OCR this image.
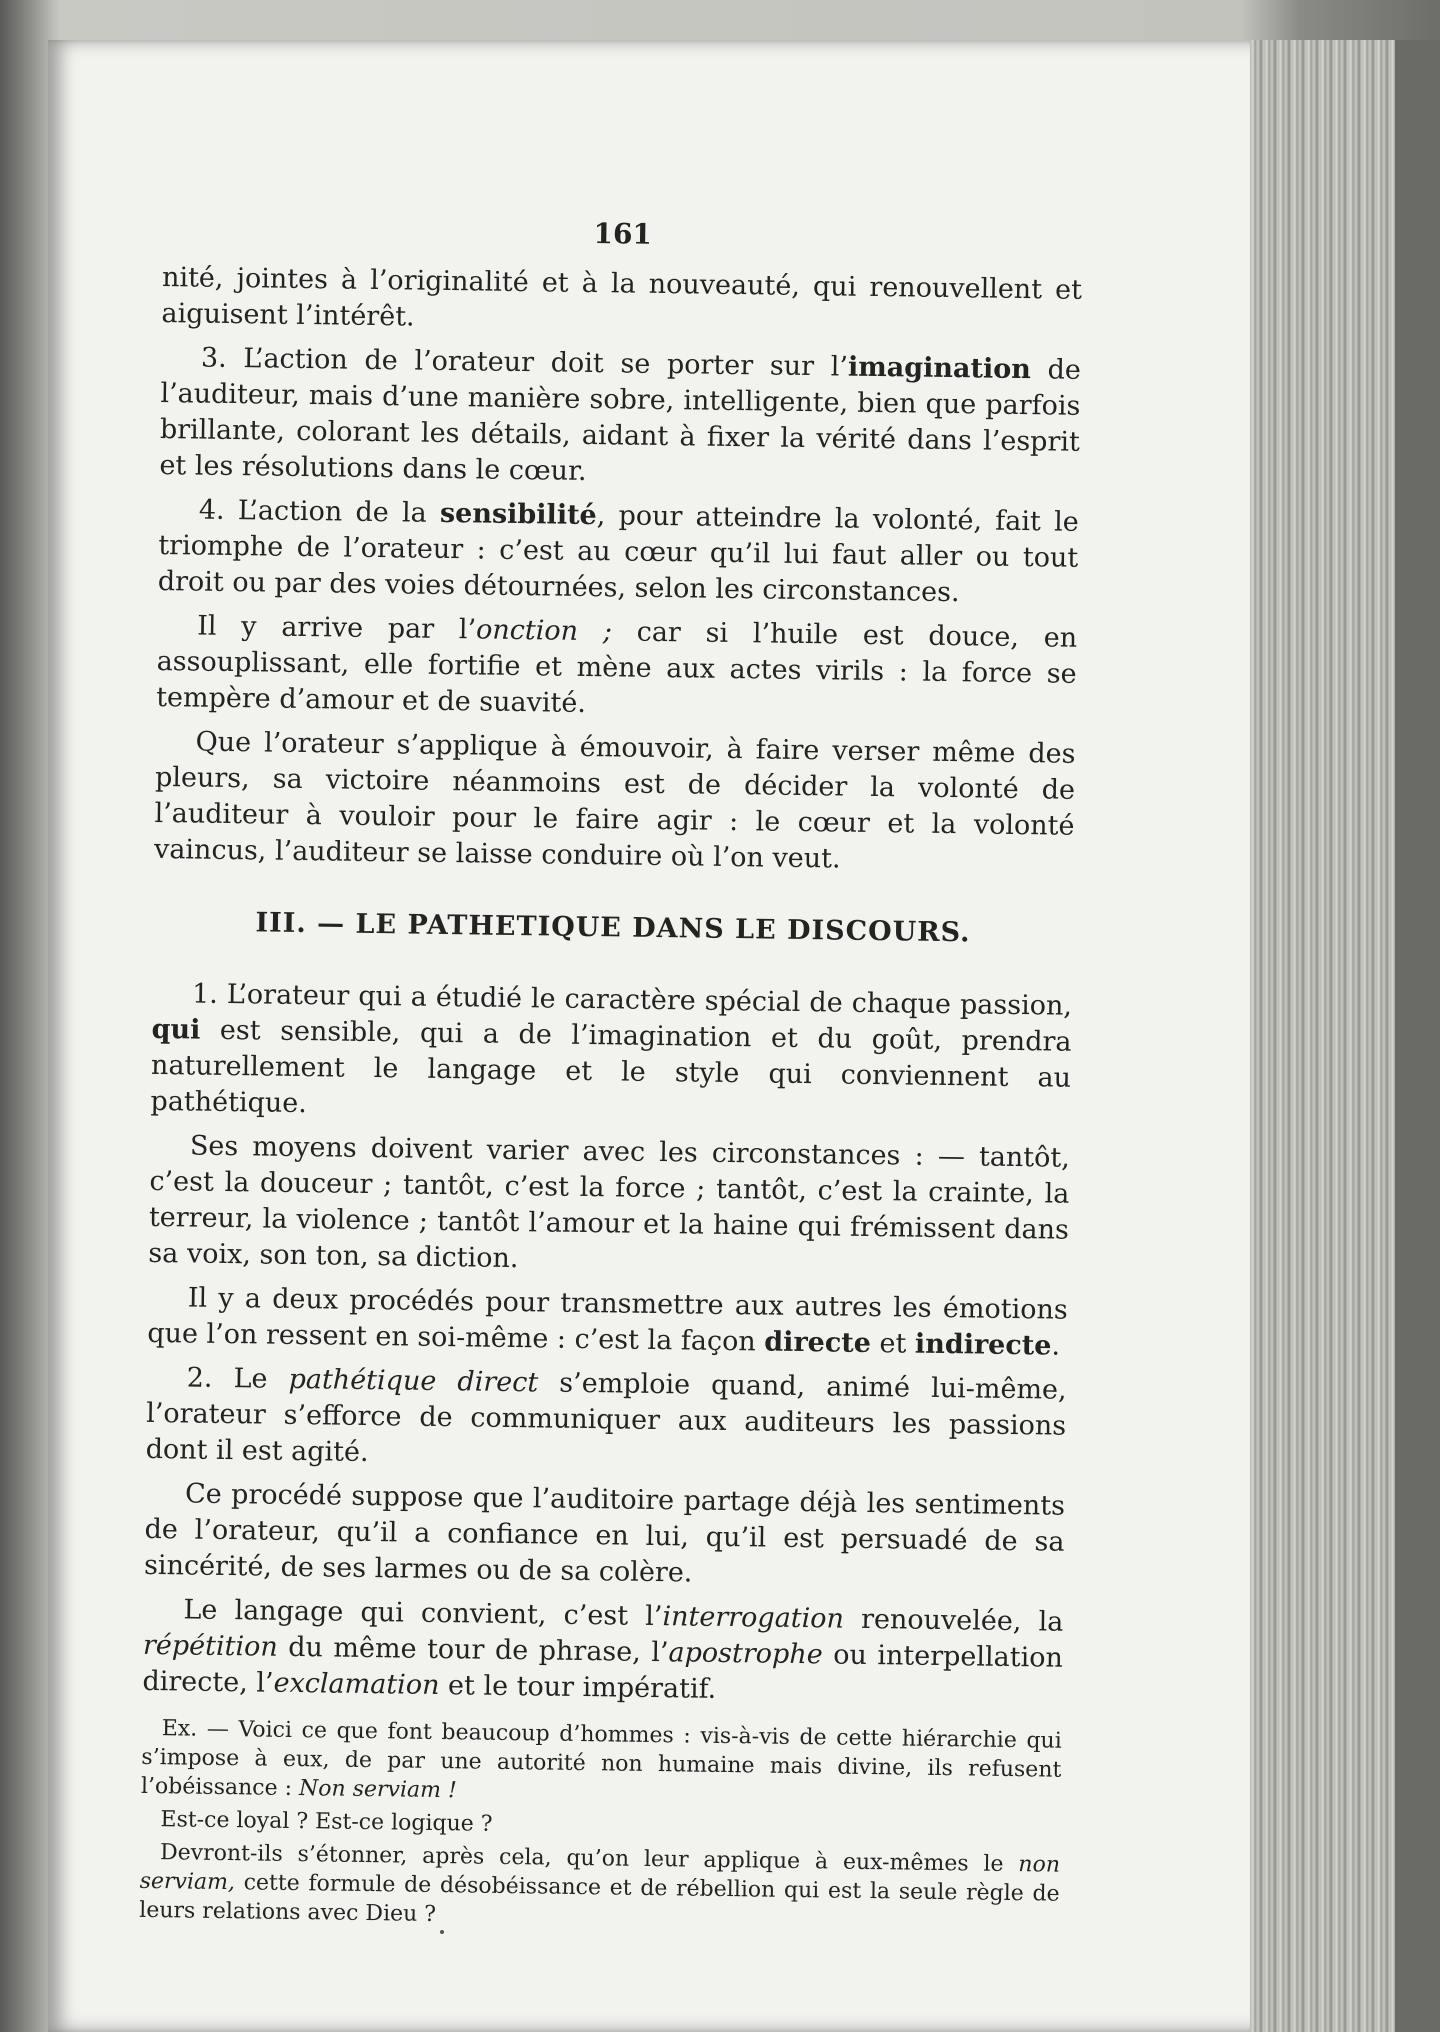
161

nité, jointes à l’originalité et à la nouveauté, qui renouvellent et aiguisent l’intérêt.

3. L’action de l’orateur doit se porter sur l’imagination de l’auditeur, mais d’une manière sobre, intelligente, bien que parfois brillante, colorant les détails, aidant à fixer la vérité dans l’esprit et les résolutions dans le cœur.

4. L’action de la sensibilité, pour atteindre la volonté, fait le triomphe de l’orateur : c’est au cœur qu’il lui faut aller ou tout droit ou par des voies détournées, selon les circonstances.

Il y arrive par l’onction ; car si l’huile est douce, en assouplissant, elle fortifie et mène aux actes virils : la force se tempère d’amour et de suavité.

Que l’orateur s’applique à émouvoir, à faire verser même des pleurs, sa victoire néanmoins est de décider la volonté de l’auditeur à vouloir pour le faire agir : le cœur et la volonté vaincus, l’auditeur se laisse conduire où l’on veut.

III. — LE PATHETIQUE DANS LE DISCOURS.

1. L’orateur qui a étudié le caractère spécial de chaque passion, qui est sensible, qui a de l’imagination et du goût, prendra naturellement le langage et le style qui conviennent au pathétique.

Ses moyens doivent varier avec les circonstances : — tantôt, c’est la douceur ; tantôt, c’est la force ; tantôt, c’est la crainte, la terreur, la violence ; tantôt l’amour et la haine qui frémissent dans sa voix, son ton, sa diction.

Il y a deux procédés pour transmettre aux autres les émotions que l’on ressent en soi-même : c’est la façon directe et indirecte.

2. Le pathétique direct s’emploie quand, animé lui-même, l’orateur s’efforce de communiquer aux auditeurs les passions dont il est agité.

Ce procédé suppose que l’auditoire partage déjà les sentiments de l’orateur, qu’il a confiance en lui, qu’il est persuadé de sa sincérité, de ses larmes ou de sa colère.

Le langage qui convient, c’est l’interrogation renouvelée, la répétition du même tour de phrase, l’apostrophe ou interpellation directe, l’exclamation et le tour impératif.

Ex. — Voici ce que font beaucoup d’hommes : vis-à-vis de cette hiérarchie qui s’impose à eux, de par une autorité non humaine mais divine, ils refusent l’obéissance : Non serviam !

Est-ce loyal ? Est-ce logique ?

Devront-ils s’étonner, après cela, qu’on leur applique à eux-mêmes le non serviam, cette formule de désobéissance et de rébellion qui est la seule règle de leurs relations avec Dieu ?
